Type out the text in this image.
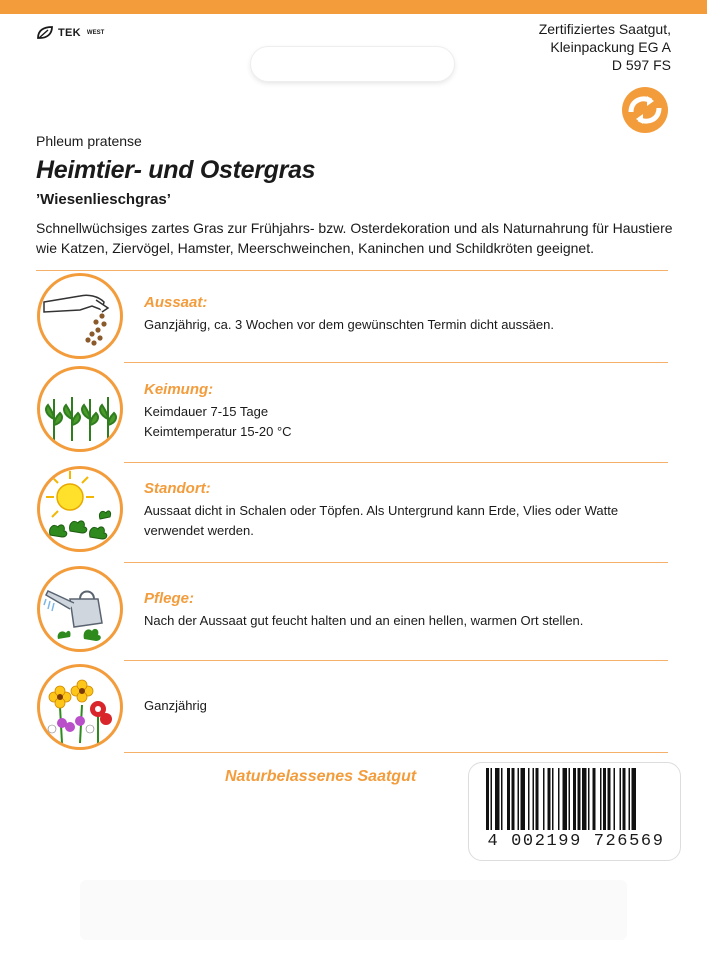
TEK WEST	Zertifiziertes Saatgut,
Kleinpackung EG A
D 597 FS
Phleum pratense
Heimtier- und Ostergras
’Wiesenlieschgras’
Schnellwüchsiges zartes Gras zur Frühjahrs- bzw. Osterdekoration und als Naturnahrung für Haustiere wie Katzen, Ziervögel, Hamster, Meerschweinchen, Kaninchen und Schildkröten geeignet.
Aussaat:
Ganzjährig, ca. 3 Wochen vor dem gewünschten Termin dicht aussäen.
Keimung:
Keimdauer 7-15 Tage
Keimtemperatur 15-20 °C
Standort:
Aussaat dicht in Schalen oder Töpfen. Als Untergrund kann Erde, Vlies oder Watte verwendet werden.
Pflege:
Nach der Aussaat gut feucht halten und an einen hellen, warmen Ort stellen.
Ganzjährig
Naturbelassenes Saatgut
4 002199 726569
